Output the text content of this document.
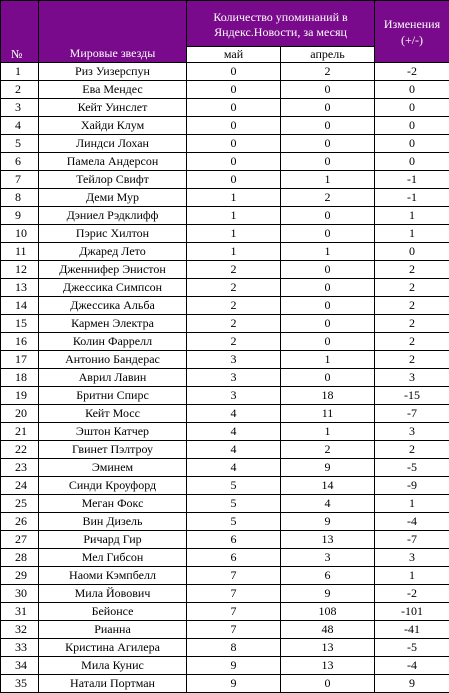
№	Мировые звезды	Количество упоминаний в
Яндекс.Новости, за месяц		Изменения
(+/-)
		май	апрель	
1	Риз Уизерспун	0	2	-2
2	Ева Мендес	0	0	0
3	Кейт Уинслет	0	0	0
4	Хайди Клум	0	0	0
5	Линдси Лохан	0	0	0
6	Памела Андерсон	0	0	0
7	Тейлор Свифт	0	1	-1
8	Деми Мур	1	2	-1
9	Дэниел Рэдклифф	1	0	1
10	Пэрис Хилтон	1	0	1
11	Джаред Лето	1	1	0
12	Дженнифер Энистон	2	0	2
13	Джессика Симпсон	2	0	2
14	Джессика Альба	2	0	2
15	Кармен Электра	2	0	2
16	Колин Фаррелл	2	0	2
17	Антонио Бандерас	3	1	2
18	Аврил Лавин	3	0	3
19	Бритни Спирс	3	18	-15
20	Кейт Мосс	4	11	-7
21	Эштон Катчер	4	1	3
22	Гвинет Пэлтроу	4	2	2
23	Эминем	4	9	-5
24	Синди Кроуфорд	5	14	-9
25	Меган Фокс	5	4	1
26	Вин Дизель	5	9	-4
27	Ричард Гир	6	13	-7
28	Мел Гибсон	6	3	3
29	Наоми Кэмпбелл	7	6	1
30	Мила Йовович	7	9	-2
31	Бейонсе	7	108	-101
32	Рианна	7	48	-41
33	Кристина Агилера	8	13	-5
34	Мила Кунис	9	13	-4
35	Натали Портман	9	0	9
